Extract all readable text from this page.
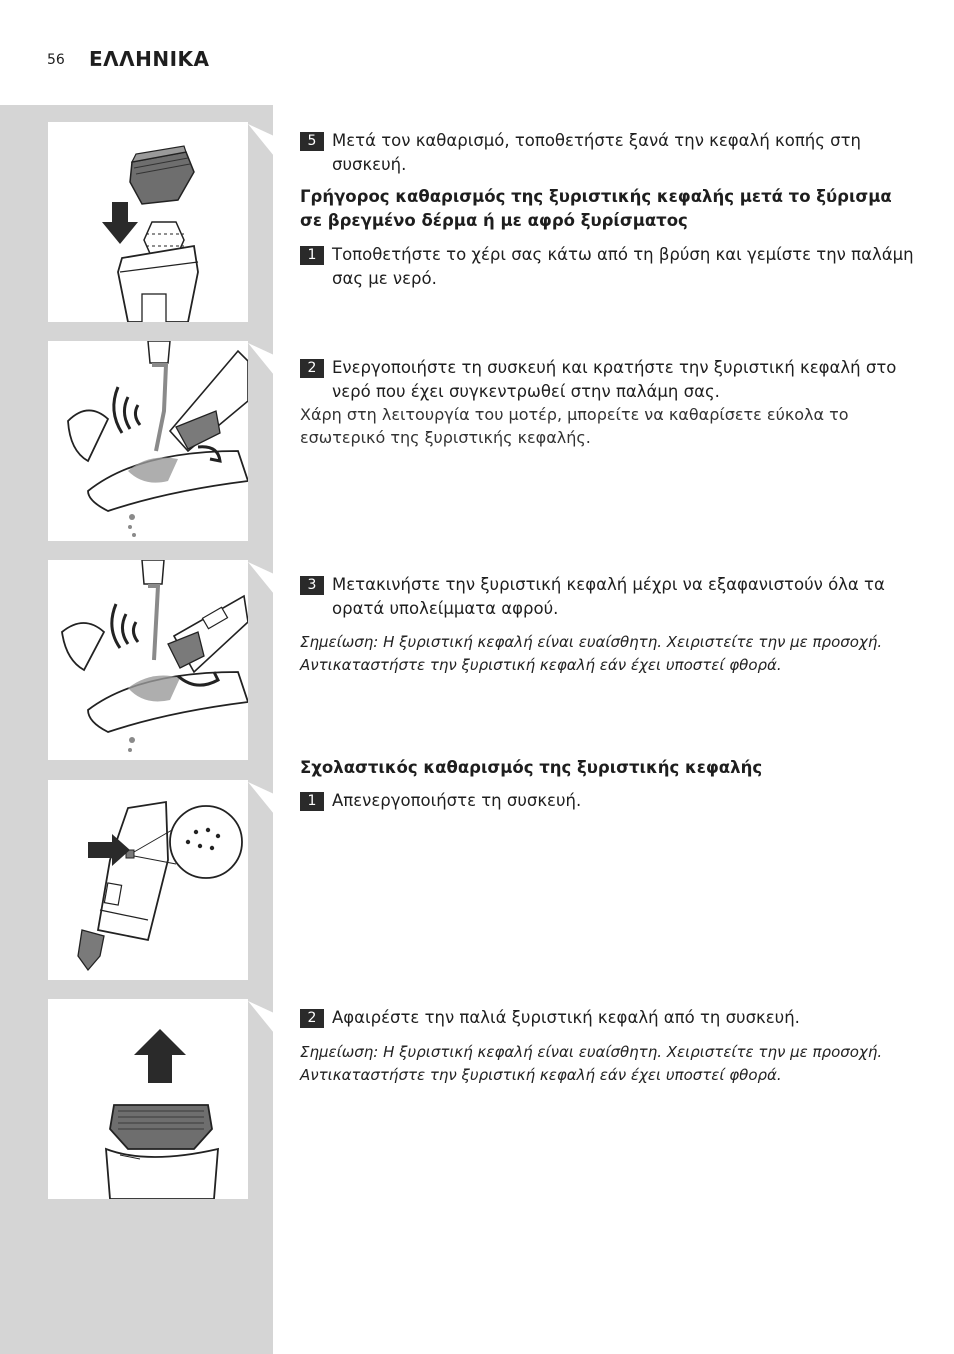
56 ΕΛΛΗΝΙΚΑ
5 Μετά τον καθαρισμό, τοποθετήστε ξανά την κεφαλή κοπής στη συσκευή.
Γρήγορος καθαρισμός της ξυριστικής κεφαλής μετά το ξύρισμα σε βρεγμένο δέρμα ή με αφρό ξυρίσματος
1 Τοποθετήστε το χέρι σας κάτω από τη βρύση και γεμίστε την παλάμη σας με νερό.
2 Ενεργοποιήστε τη συσκευή και κρατήστε την ξυριστική κεφαλή στο νερό που έχει συγκεντρωθεί στην παλάμη σας.
Χάρη στη λειτουργία του μοτέρ, μπορείτε να καθαρίσετε εύκολα το εσωτερικό της ξυριστικής κεφαλής.
3 Μετακινήστε την ξυριστική κεφαλή μέχρι να εξαφανιστούν όλα τα ορατά υπολείμματα αφρού.
Σημείωση: Η ξυριστική κεφαλή είναι ευαίσθητη. Χειριστείτε την με προσοχή. Αντικαταστήστε την ξυριστική κεφαλή εάν έχει υποστεί φθορά.
Σχολαστικός καθαρισμός της ξυριστικής κεφαλής
1 Απενεργοποιήστε τη συσκευή.
2 Αφαιρέστε την παλιά ξυριστική κεφαλή από τη συσκευή.
Σημείωση: Η ξυριστική κεφαλή είναι ευαίσθητη. Χειριστείτε την με προσοχή. Αντικαταστήστε την ξυριστική κεφαλή εάν έχει υποστεί φθορά.
